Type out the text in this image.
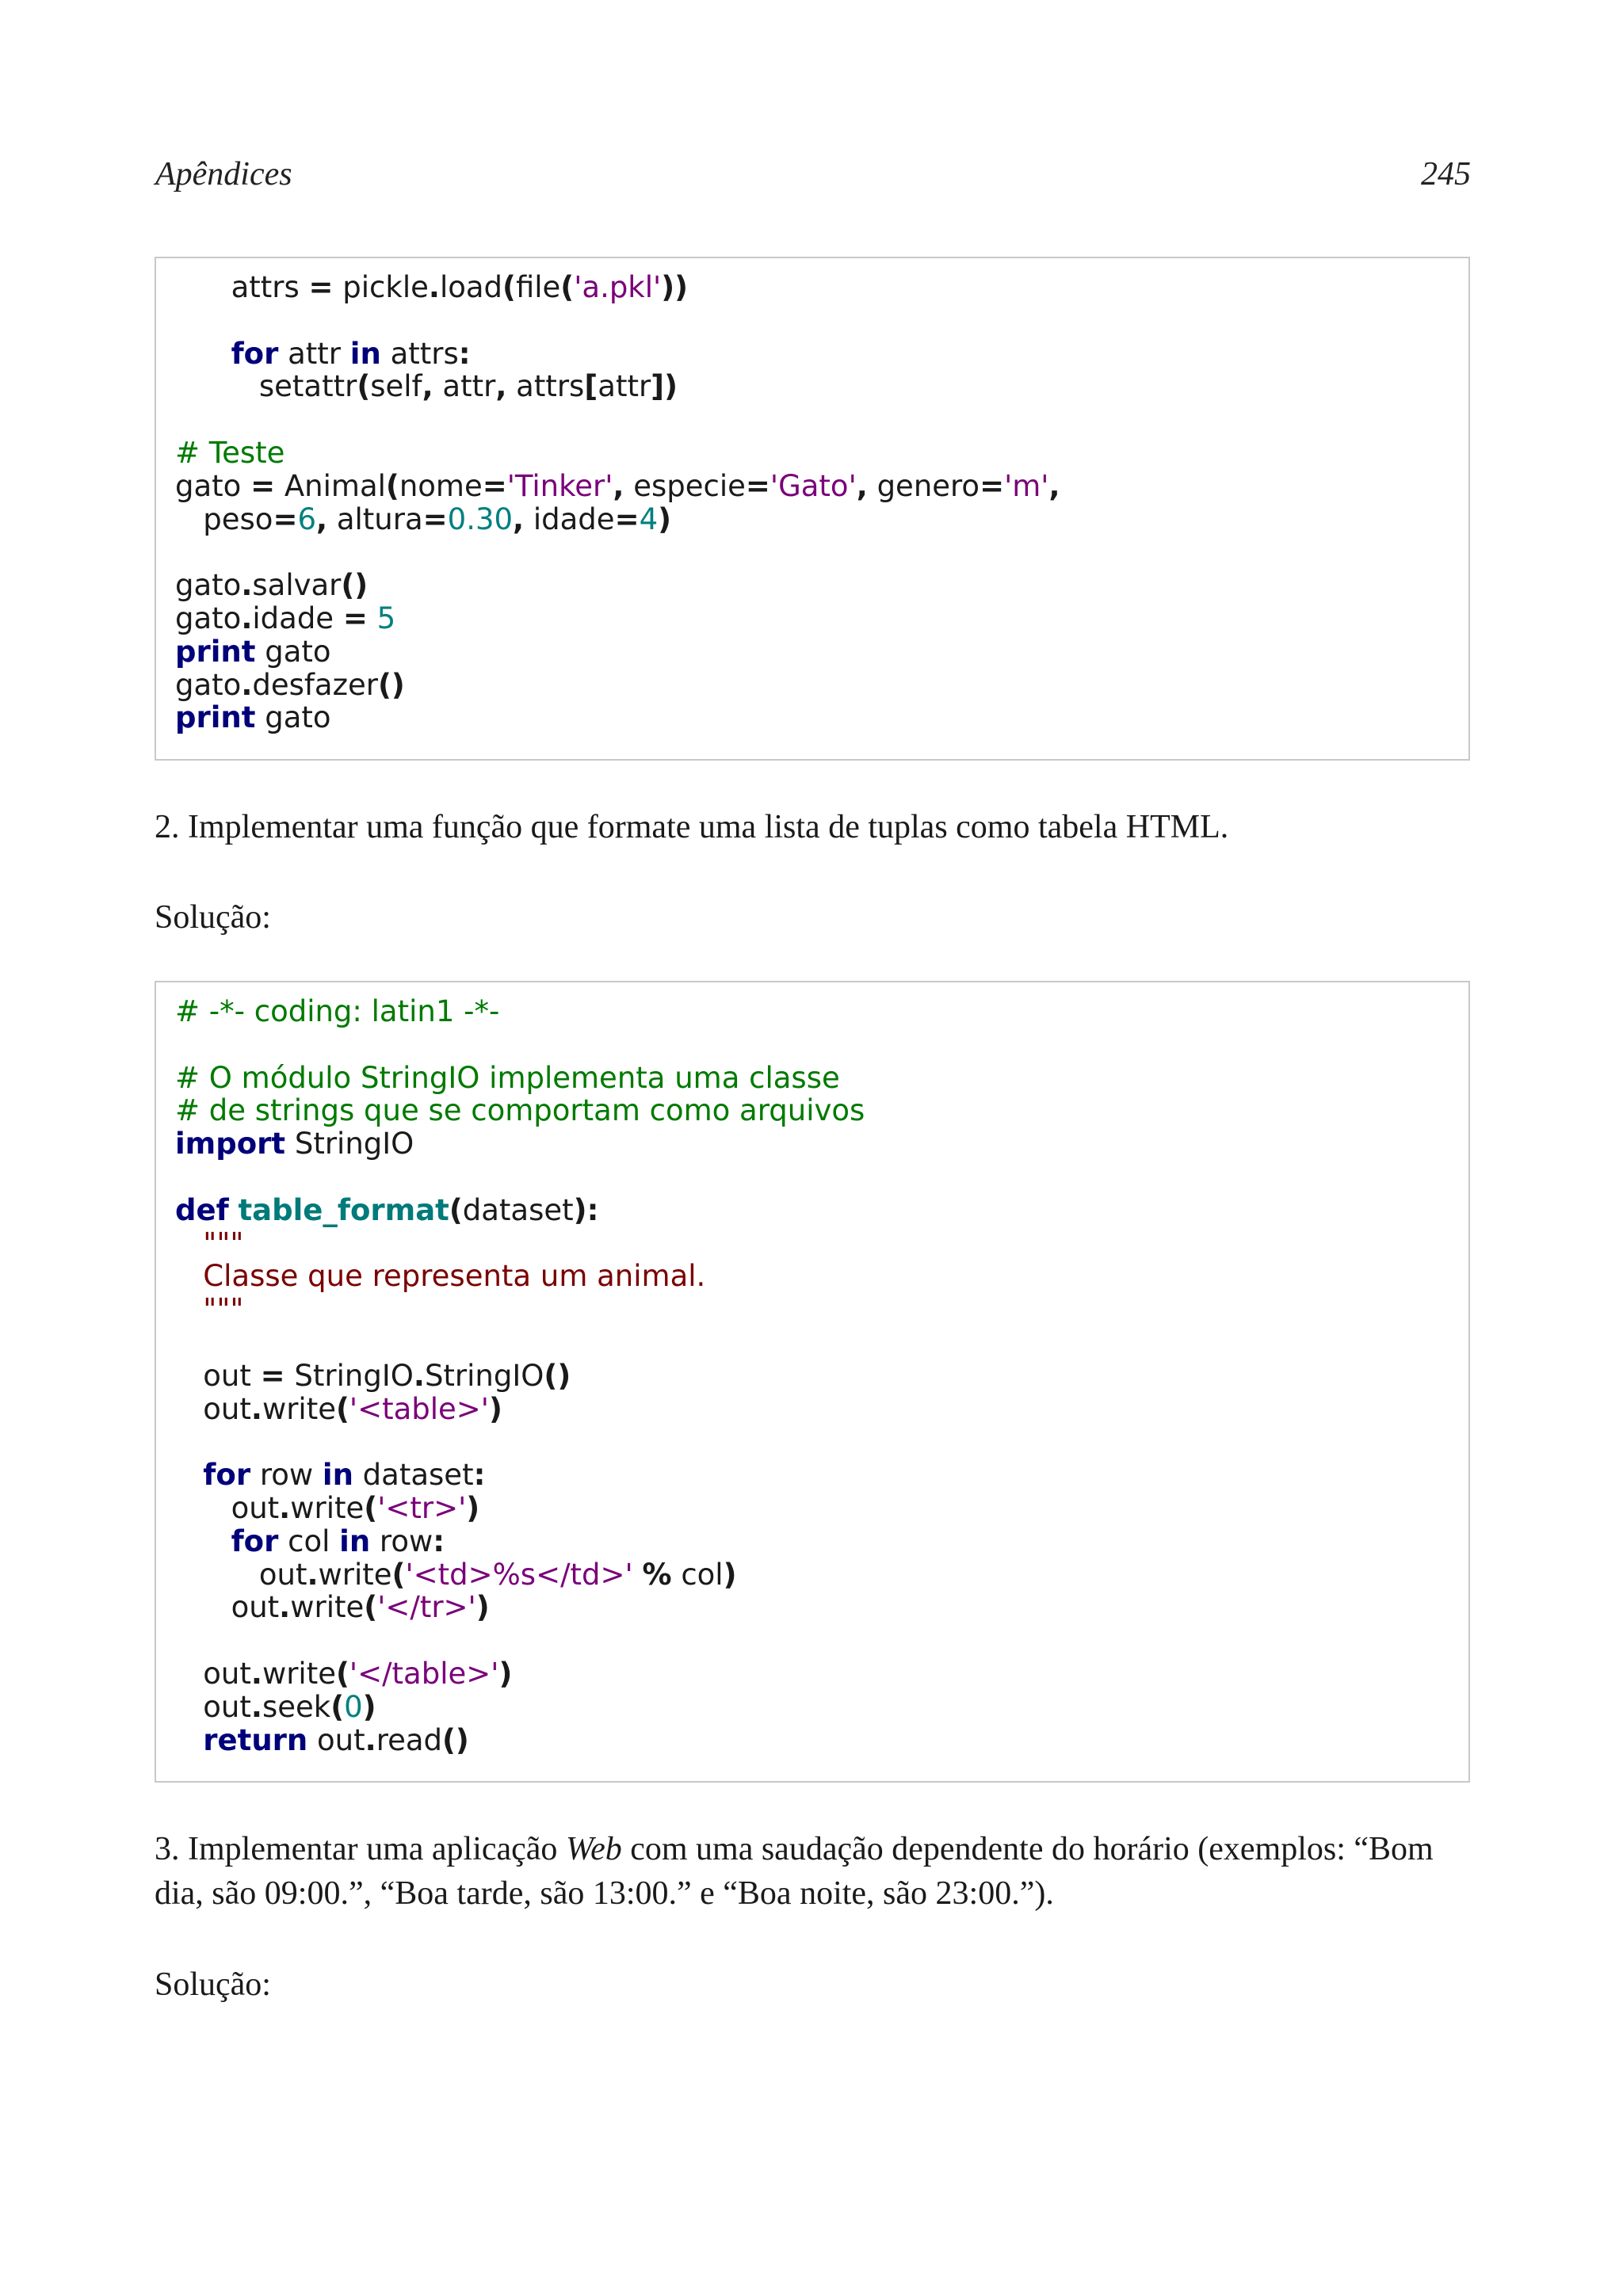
Apêndices	245
attrs = pickle.load(file('a.pkl'))

for attr in attrs:
setattr(self, attr, attrs[attr])

# Teste
gato = Animal(nome='Tinker', especie='Gato', genero='m',
peso=6, altura=0.30, idade=4)

gato.salvar()
gato.idade = 5
print gato
gato.desfazer()
print gato
2. Implementar uma função que formate uma lista de tuplas como tabela HTML.
Solução:
# -*- coding: latin1 -*-

# O módulo StringIO implementa uma classe
# de strings que se comportam como arquivos
import StringIO

def table_format(dataset):
"""
Classe que representa um animal.
"""

out = StringIO.StringIO()
out.write('<table>')

for row in dataset:
out.write('<tr>')
for col in row:
out.write('<td>%s</td>' % col)
out.write('</tr>')

out.write('</table>')
out.seek(0)
return out.read()
3. Implementar uma aplicação Web com uma saudação dependente do horário (exemplos: “Bom dia, são 09:00.”, “Boa tarde, são 13:00.” e “Boa noite, são 23:00.”).
Solução:
